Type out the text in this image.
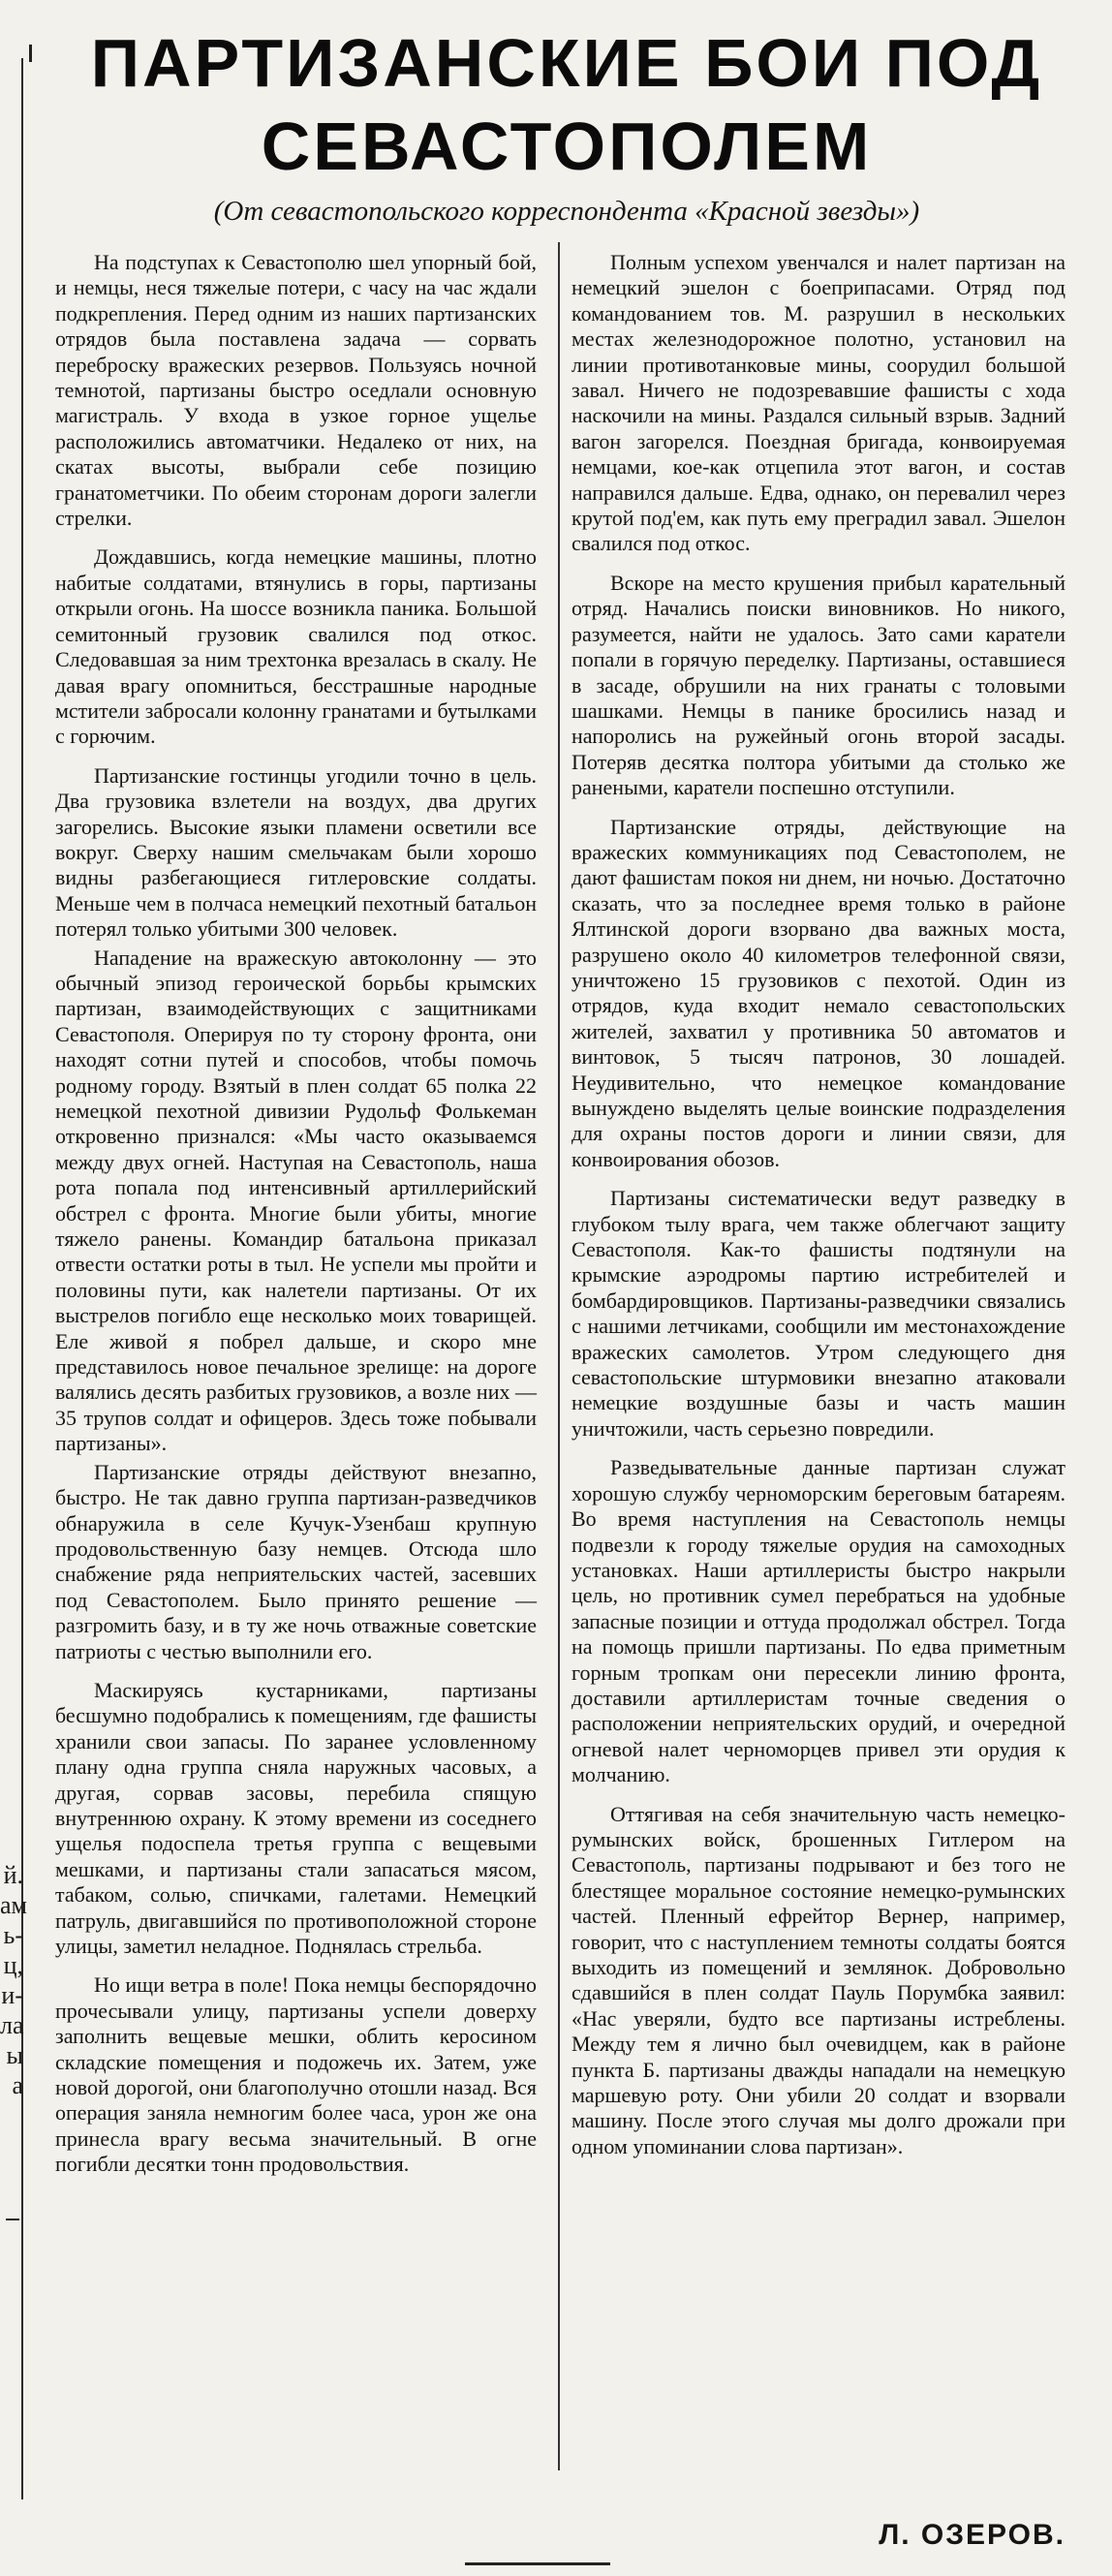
й.
ам
ь-
ц,
и-
ла
ы
а
ПАРТИЗАНСКИЕ БОИ ПОД
СЕВАСТОПОЛЕМ

(От севастопольского корреспондента «Красной звезды»)

На подступах к Севастополю шел упорный бой, и немцы, неся тяжелые потери, с часу на час ждали подкрепления. Перед одним из наших партизанских отрядов была поставлена задача — сорвать переброску вражеских резервов. Пользуясь ночной темнотой, партизаны быстро оседлали основную магистраль. У входа в узкое горное ущелье расположились автоматчики. Недалеко от них, на скатах высоты, выбрали себе позицию гранатометчики. По обеим сторонам дороги залегли стрелки.

Дождавшись, когда немецкие машины, плотно набитые солдатами, втянулись в горы, партизаны открыли огонь. На шоссе возникла паника. Большой семитонный грузовик свалился под откос. Следовавшая за ним трехтонка врезалась в скалу. Не давая врагу опомниться, бесстрашные народные мстители забросали колонну гранатами и бутылками с горючим.

Партизанские гостинцы угодили точно в цель. Два грузовика взлетели на воздух, два других загорелись. Высокие языки пламени осветили все вокруг. Сверху нашим смельчакам были хорошо видны разбегающиеся гитлеровские солдаты. Меньше чем в полчаса немецкий пехотный батальон потерял только убитыми 300 человек.

Нападение на вражескую автоколонну — это обычный эпизод героической борьбы крымских партизан, взаимодействующих с защитниками Севастополя. Оперируя по ту сторону фронта, они находят сотни путей и способов, чтобы помочь родному городу. Взятый в плен солдат 65 полка 22 немецкой пехотной дивизии Рудольф Фолькеман откровенно признался: «Мы часто оказываемся между двух огней. Наступая на Севастополь, наша рота попала под интенсивный артиллерийский обстрел с фронта. Многие были убиты, многие тяжело ранены. Командир батальона приказал отвести остатки роты в тыл. Не успели мы пройти и половины пути, как налетели партизаны. От их выстрелов погибло еще несколько моих товарищей. Еле живой я побрел дальше, и скоро мне представилось новое печальное зрелище: на дороге валялись десять разбитых грузовиков, а возле них — 35 трупов солдат и офицеров. Здесь тоже побывали партизаны».

Партизанские отряды действуют внезапно, быстро. Не так давно группа партизан-разведчиков обнаружила в селе Кучук-Узенбаш крупную продовольственную базу немцев. Отсюда шло снабжение ряда неприятельских частей, засевших под Севастополем. Было принято решение — разгромить базу, и в ту же ночь отважные советские патриоты с честью выполнили его.

Маскируясь кустарниками, партизаны бесшумно подобрались к помещениям, где фашисты хранили свои запасы. По заранее условленному плану одна группа сняла наружных часовых, а другая, сорвав засовы, перебила спящую внутреннюю охрану. К этому времени из соседнего ущелья подоспела третья группа с вещевыми мешками, и партизаны стали запасаться мясом, табаком, солью, спичками, галетами. Немецкий патруль, двигавшийся по противоположной стороне улицы, заметил неладное. Поднялась стрельба.

Но ищи ветра в поле! Пока немцы беспорядочно прочесывали улицу, партизаны успели доверху заполнить вещевые мешки, облить керосином складские помещения и подожечь их. Затем, уже новой дорогой, они благополучно отошли назад. Вся операция заняла немногим более часа, урон же она принесла врагу весьма значительный. В огне погибли десятки тонн продовольствия.

Полным успехом увенчался и налет партизан на немецкий эшелон с боеприпасами. Отряд под командованием тов. М. разрушил в нескольких местах железнодорожное полотно, установил на линии противотанковые мины, соорудил большой завал. Ничего не подозревавшие фашисты с хода наскочили на мины. Раздался сильный взрыв. Задний вагон загорелся. Поездная бригада, конвоируемая немцами, кое-как отцепила этот вагон, и состав направился дальше. Едва, однако, он перевалил через крутой под'ем, как путь ему преградил завал. Эшелон свалился под откос.

Вскоре на место крушения прибыл карательный отряд. Начались поиски виновников. Но никого, разумеется, найти не удалось. Зато сами каратели попали в горячую переделку. Партизаны, оставшиеся в засаде, обрушили на них гранаты с толовыми шашками. Немцы в панике бросились назад и напоролись на ружейный огонь второй засады. Потеряв десятка полтора убитыми да столько же ранеными, каратели поспешно отступили.

Партизанские отряды, действующие на вражеских коммуникациях под Севастополем, не дают фашистам покоя ни днем, ни ночью. Достаточно сказать, что за последнее время только в районе Ялтинской дороги взорвано два важных моста, разрушено около 40 километров телефонной связи, уничтожено 15 грузовиков с пехотой. Один из отрядов, куда входит немало севастопольских жителей, захватил у противника 50 автоматов и винтовок, 5 тысяч патронов, 30 лошадей. Неудивительно, что немецкое командование вынуждено выделять целые воинские подразделения для охраны постов дороги и линии связи, для конвоирования обозов.

Партизаны систематически ведут разведку в глубоком тылу врага, чем также облегчают защиту Севастополя. Как-то фашисты подтянули на крымские аэродромы партию истребителей и бомбардировщиков. Партизаны-разведчики связались с нашими летчиками, сообщили им местонахождение вражеских самолетов. Утром следующего дня севастопольские штурмовики внезапно атаковали немецкие воздушные базы и часть машин уничтожили, часть серьезно повредили.

Разведывательные данные партизан служат хорошую службу черноморским береговым батареям. Во время наступления на Севастополь немцы подвезли к городу тяжелые орудия на самоходных установках. Наши артиллеристы быстро накрыли цель, но противник сумел перебраться на удобные запасные позиции и оттуда продолжал обстрел. Тогда на помощь пришли партизаны. По едва приметным горным тропкам они пересекли линию фронта, доставили артиллеристам точные сведения о расположении неприятельских орудий, и очередной огневой налет черноморцев привел эти орудия к молчанию.

Оттягивая на себя значительную часть немецко-румынских войск, брошенных Гитлером на Севастополь, партизаны подрывают и без того не блестящее моральное состояние немецко-румынских частей. Пленный ефрейтор Вернер, например, говорит, что с наступлением темноты солдаты боятся выходить из помещений и землянок. Добровольно сдавшийся в плен солдат Пауль Порумбка заявил: «Нас уверяли, будто все партизаны истреблены. Между тем я лично был очевидцем, как в районе пункта Б. партизаны дважды нападали на немецкую маршевую роту. Они убили 20 солдат и взорвали машину. После этого случая мы долго дрожали при одном упоминании слова партизан».

Л. ОЗЕРОВ.
